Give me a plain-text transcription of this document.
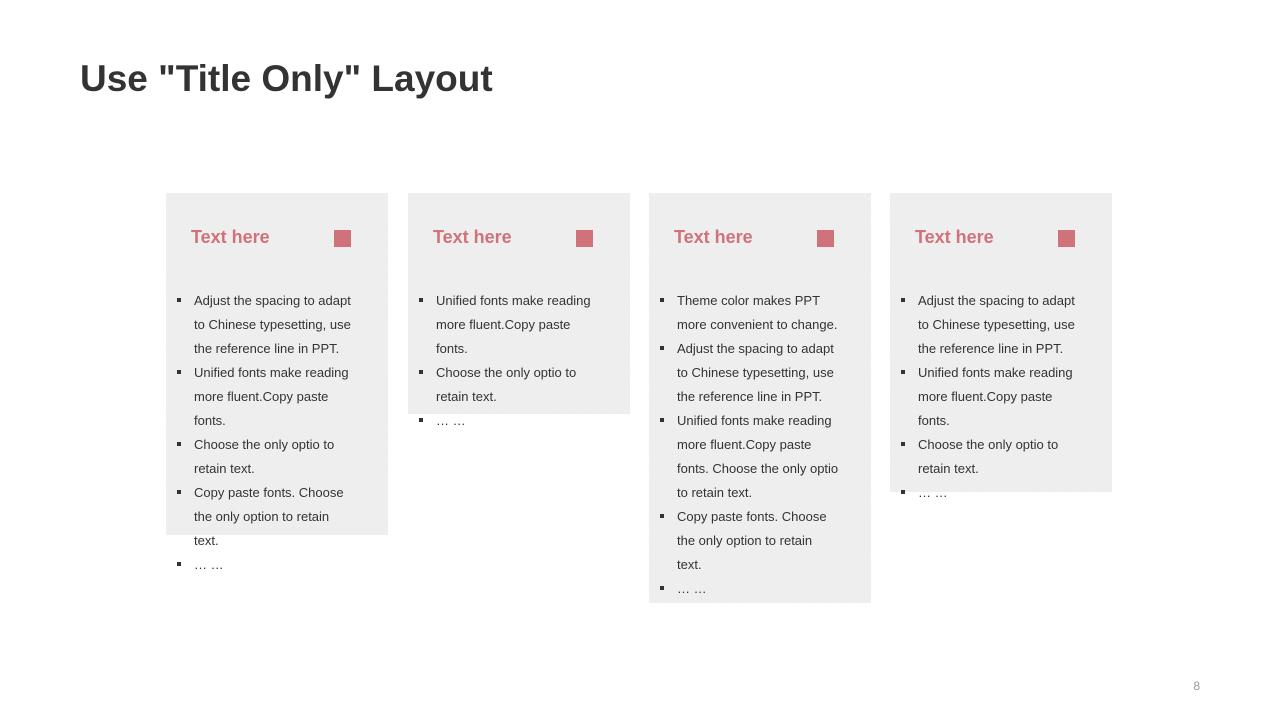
Use "Title Only" Layout
Text here
Adjust the spacing to adapt to Chinese typesetting, use the reference line in PPT.
Unified fonts make reading more fluent.Copy paste fonts.
Choose the only optio to retain text.
Copy paste fonts. Choose the only option to retain text.
… …
Text here
Unified fonts make reading more fluent.Copy paste fonts.
Choose the only optio to retain text.
… …
Text here
Theme color makes PPT more convenient to change.
Adjust the spacing to adapt to Chinese typesetting, use the reference line in PPT.
Unified fonts make reading more fluent.Copy paste fonts. Choose the only optio to retain text.
Copy paste fonts. Choose the only option to retain text.
… …
Text here
Adjust the spacing to adapt to Chinese typesetting, use the reference line in PPT.
Unified fonts make reading more fluent.Copy paste fonts.
Choose the only optio to retain text.
… …
8
